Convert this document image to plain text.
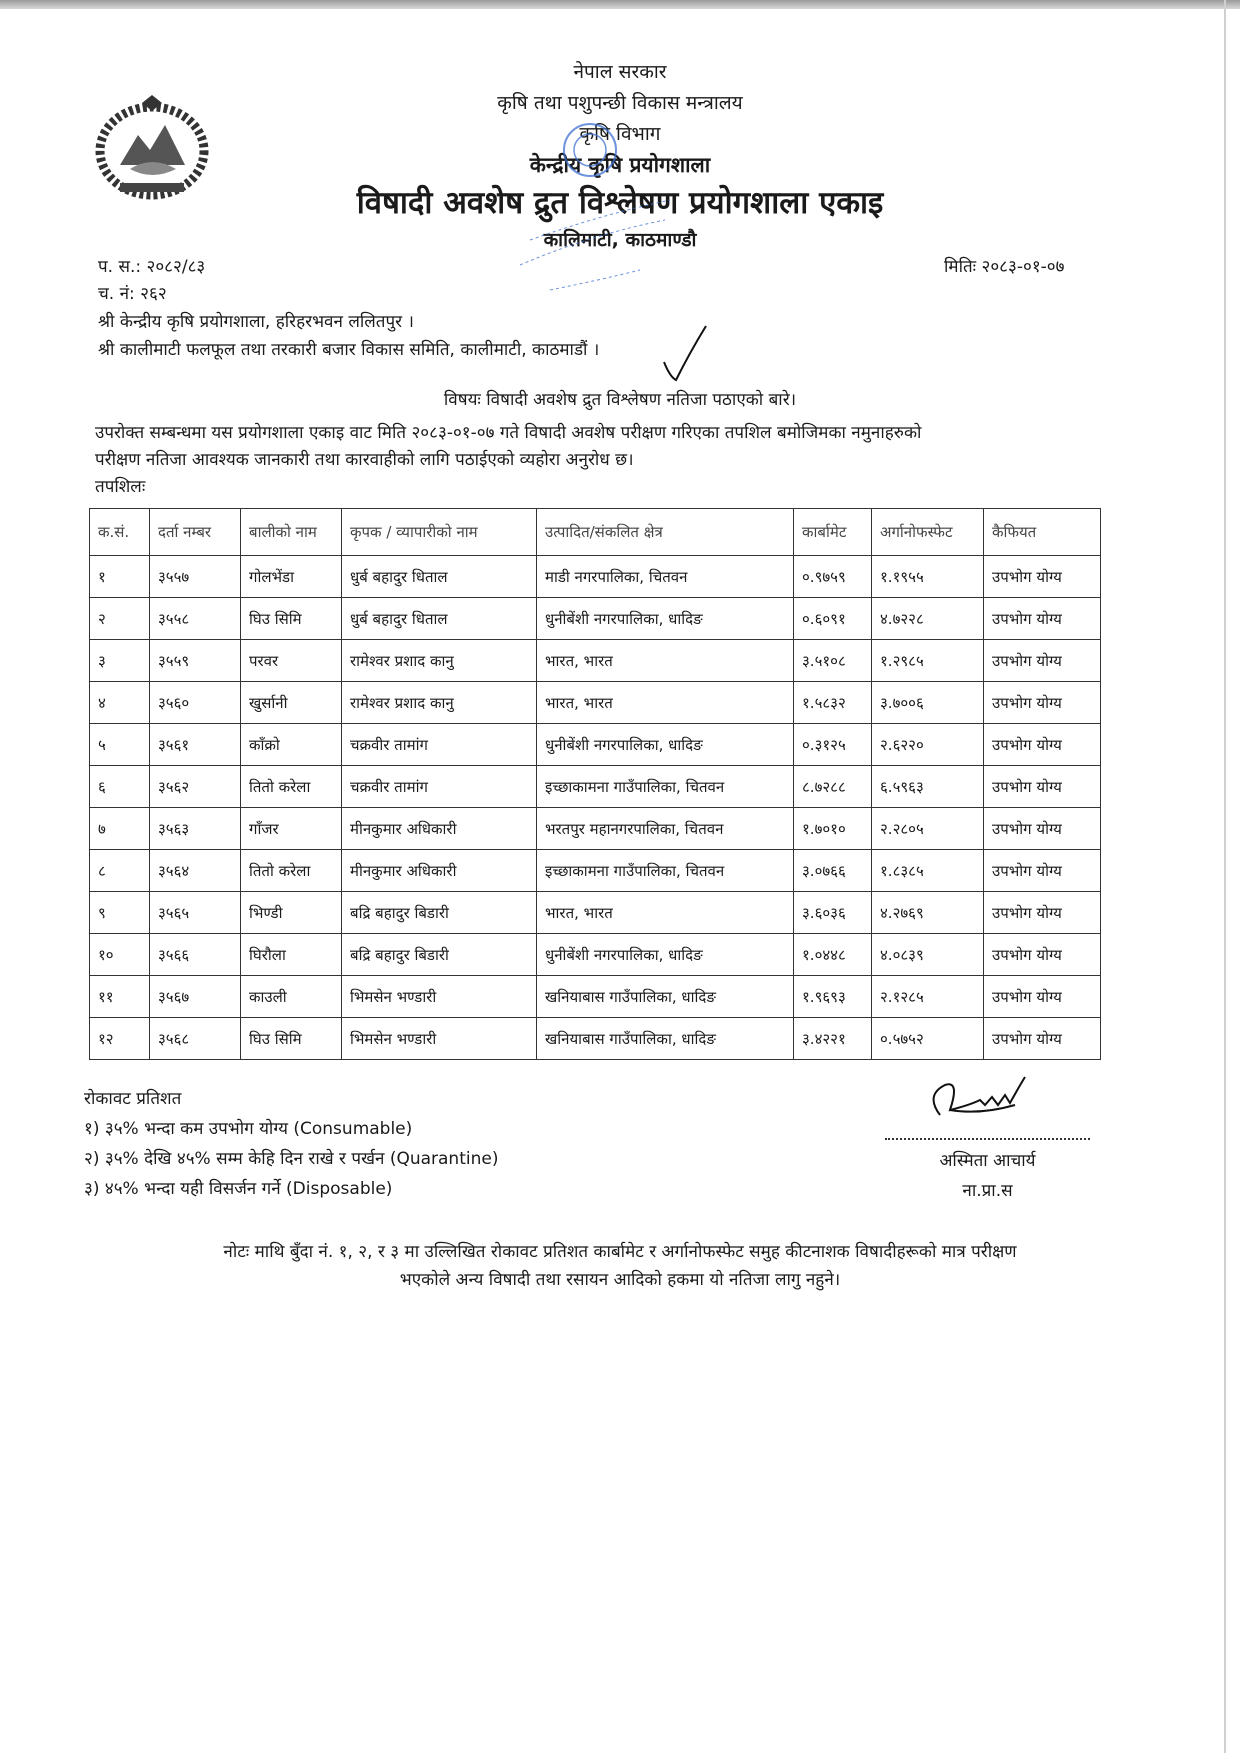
नेपाल सरकार
कृषि तथा पशुपन्छी विकास मन्त्रालय
कृषि विभाग
केन्द्रीय कृषि प्रयोगशाला
विषादी अवशेष द्रुत विश्लेषण प्रयोगशाला एकाइ
कालिमाटी, काठमाण्डौ
प. स.: २०८२/८३
च. नं: २६२
श्री केन्द्रीय कृषि प्रयोगशाला, हरिहरभवन ललितपुर ।
श्री कालीमाटी फलफूल तथा तरकारी बजार विकास समिति, कालीमाटी, काठमाडौं ।
मितिः २०८३-०१-०७
विषयः विषादी अवशेष द्रुत विश्लेषण नतिजा पठाएको बारे।
उपरोक्त सम्बन्धमा यस प्रयोगशाला एकाइ वाट मिति २०८३-०१-०७ गते विषादी अवशेष परीक्षण गरिएका तपशिल बमोजिमका नमुनाहरुको
परीक्षण नतिजा आवश्यक जानकारी तथा कारवाहीको लागि पठाईएको व्यहोरा अनुरोध छ।
तपशिलः
क.सं.	दर्ता नम्बर	बालीको नाम	कृपक / व्यापारीको नाम	उत्पादित/संकलित क्षेत्र	कार्बामेट	अर्गानोफस्फेट	कैफियत
१	३५५७	गोलभेंडा	धुर्ब बहादुर धिताल	माडी नगरपालिका, चितवन	०.९७५९	१.१९५५	उपभोग योग्य
२	३५५८	घिउ सिमि	धुर्ब बहादुर धिताल	धुनीबेंशी नगरपालिका, धादिङ	०.६०९१	४.७२२८	उपभोग योग्य
३	३५५९	परवर	रामेश्वर प्रशाद कानु	भारत, भारत	३.५१०८	१.२९८५	उपभोग योग्य
४	३५६०	खुर्सानी	रामेश्वर प्रशाद कानु	भारत, भारत	१.५८३२	३.७००६	उपभोग योग्य
५	३५६१	काँक्रो	चक्रवीर तामांग	धुनीबेंशी नगरपालिका, धादिङ	०.३१२५	२.६२२०	उपभोग योग्य
६	३५६२	तितो करेला	चक्रवीर तामांग	इच्छाकामना गाउँपालिका, चितवन	८.७२८८	६.५९६३	उपभोग योग्य
७	३५६३	गाँजर	मीनकुमार अधिकारी	भरतपुर महानगरपालिका, चितवन	१.७०१०	२.२८०५	उपभोग योग्य
८	३५६४	तितो करेला	मीनकुमार अधिकारी	इच्छाकामना गाउँपालिका, चितवन	३.०७६६	१.८३८५	उपभोग योग्य
९	३५६५	भिण्डी	बद्रि बहादुर बिडारी	भारत, भारत	३.६०३६	४.२७६९	उपभोग योग्य
१०	३५६६	घिरौला	बद्रि बहादुर बिडारी	धुनीबेंशी नगरपालिका, धादिङ	१.०४४८	४.०८३९	उपभोग योग्य
११	३५६७	काउली	भिमसेन भण्डारी	खनियाबास गाउँपालिका, धादिङ	१.९६९३	२.१२८५	उपभोग योग्य
१२	३५६८	घिउ सिमि	भिमसेन भण्डारी	खनियाबास गाउँपालिका, धादिङ	३.४२२१	०.५७५२	उपभोग योग्य
रोकावट प्रतिशत
१) ३५% भन्दा कम उपभोग योग्य (Consumable)
२) ३५% देखि ४५% सम्म केहि दिन राखे र पर्खन (Quarantine)
३) ४५% भन्दा यही विसर्जन गर्ने (Disposable)
अस्मिता आचार्य
ना.प्रा.स
नोटः माथि बुँदा नं. १, २, र ३ मा उल्लिखित रोकावट प्रतिशत कार्बामेट र अर्गानोफस्फेट समुह कीटनाशक विषादीहरूको मात्र परीक्षण
भएकोले अन्य विषादी तथा रसायन आदिको हकमा यो नतिजा लागु नहुने।
